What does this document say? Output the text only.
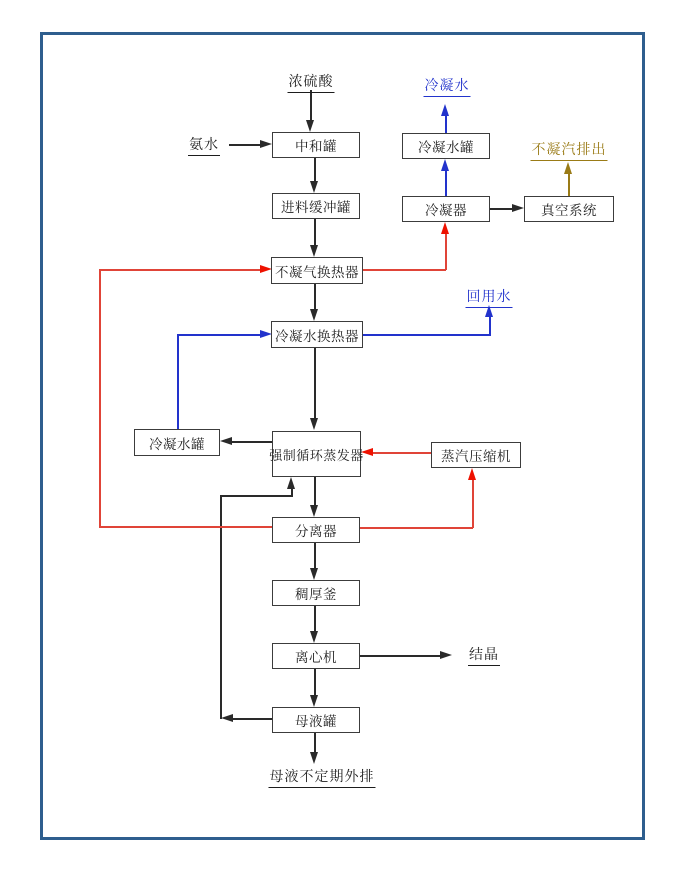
浓硫酸
氨水
冷凝水
不凝汽排出
回用水
结晶
母液不定期外排
中和罐
进料缓冲罐
不凝气换热器
冷凝水换热器
强制循环蒸发器
分离器
稠厚釜
离心机
母液罐
冷凝水罐
冷凝水罐
冷凝器	真空系统
蒸汽压缩机
